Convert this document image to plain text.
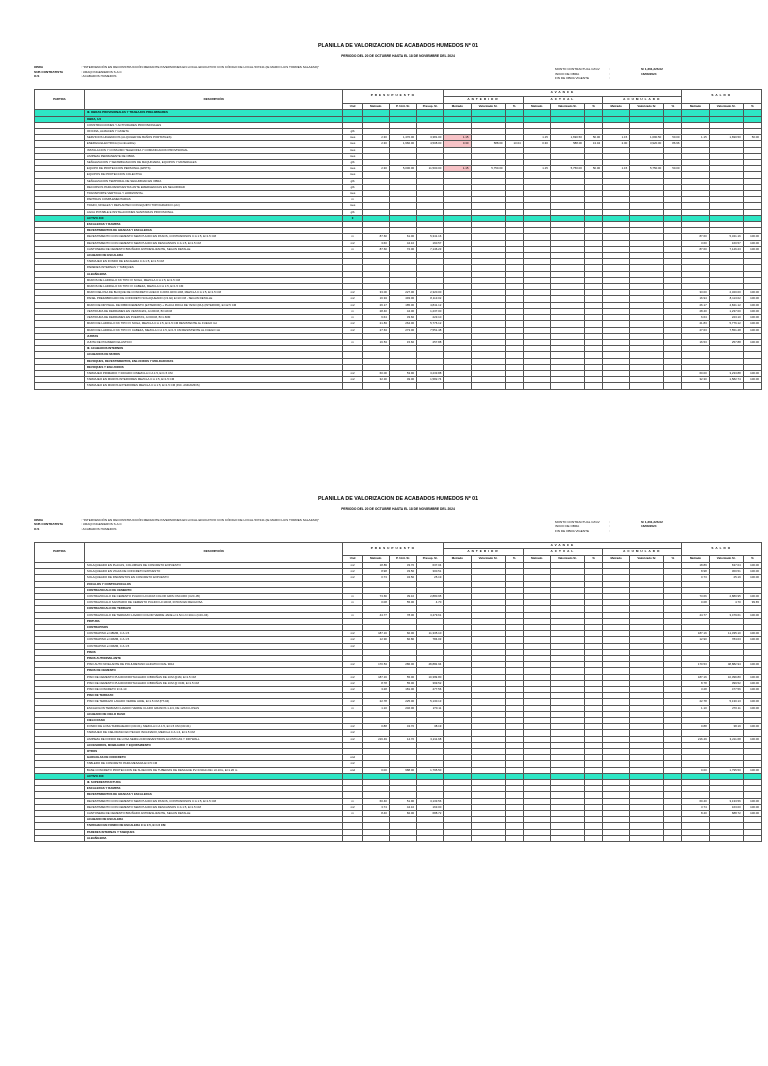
PLANILLA DE VALORIZACION DE ACABADOS HUMEDOS Nº 01
PERIODO DEL 20 DE OCTUBRE HASTA EL 18 DE NOVIEMBRE DEL 2024
OBRA	: "INTERVENCIÓN EN RECONSTRUCCIÓN MEDIANTE INVERSIONES EN LOCAL EDUCATIVO CON CÓDIGO DE LOCAL 537241 (IE MARIO LUIS TORRES SALAZAR)"
SUB CONTRATISTA	: URAQI INGENIEROS S.A.C
O.S	: ACABADOS HUMEDOS
MONTO CONTRACTUAL C/IGV	:	S/ 1,361,226.02
INICIO DE OBRA	:	16/08/2024
FIN DE OBRA VIGENTE	:
PARTIDA	DESCRIPCIÓN	PRESUPUESTO				AVANCE									SALDO		
						ANTERIOR			ACTUAL			ACUMULADO					
		Und	Metrado	P. Unit. S/.	Presup. S/.	Metrado	Valorizado S/.	%	Metrado	Valorizado S/.	%	Metrado	Valorizado S/.	%	Metrado	Valorizado S/.	%
	III. OBRAS PROVISIONALES Y TRABAJOS PRELIMINARES																
	OBRA, 1/4																
	CONSTRUCCIONES Y ACTIVIDADES PROVISIONALES																
	OFICINA, ALMACEN Y CASETA	glb															
	SERVICIOS HIGIENICOS (ALQUILER DE BAÑOS PORTATILES)	mes	2.30	1,470.00	3,381.00	1.15			1.15	1,690.50	50.00	1.15	1,690.50	50.00	1.15	1,690.50	50.00
	ENERGIA ELECTRICA (Combustible)	mes	2.30	1,960.00	4,508.00	0.30	588.00	13.04	0.30	588.00	13.04	2.00	3,920.00	86.96			
	INSTALACION Y CONSUMO TELEFONIA Y COMUNICACION PROVISIONAL	mes															
	LIMPIEZA PERMANENTE DE OBRA	mes															
	SEÑALIZACION Y SENSIBILIZACION DE MAQUINARIA, EQUIPOS Y MATERIALES	glb															
	EQUIPO DE PROTECCION PERSONAL (EPP'S)	mes	2.30	5,000.00	11,500.00	1.15	5,750.00		1.15	5,750.00	50.00	1.15	5,750.00	50.00			
	EQUIPOS DE PROTECCION COLECTIVA	mes															
	SEÑALIZACION TEMPORAL DE SEGURIDAD EN OBRA	glb															
	RECURSOS PARA RESPUESTAS ANTE EMERGENCIAS EN SEGURIDAD	glb															
	TRANSPORTE VERTICAL Y HORIZONTAL	mes															
	PARTIDAS COMPLEMENTARIAS	m															
	TRAZO, NIVELES Y REPLANTEO CON EQUIPO TOPOGRAFICO (obr)	mes															
	AGUA POTABLE E INSTALACIONES SANITARIAS PROVISIONAL	glb															
	ACTIVO 400	0															
	ESCALERAS Y RAMPAS																
	REVESTIMIENTOS DE GRADAS Y ESCALERAS																
	REVESTIMIENTO CON CEMENTO SEMI PULIDO EN PASOS, CONTRAPASOS C:A 1:5, E=1.5 CM	m	87.60	61.00	5,341.16										87.60	5,341.16	100.00
	REVESTIMIENTO CON CEMENTO SEMI PULIDO EN DESCANSOS C:A 1:5, E=1.5 CM	m2	3.60	44.10	160.57										3.60	160.57	100.00
	CANTONERA DE CEMENTO BRUÑADO ANTIDESLIZANTE, SEGUN DETALLE	m	87.60	72.00	7,146.23										87.60	7,146.23	100.00
	ACABADO DE ESCALERA																
	TARRAJEO EN FONDO DE ESCALERA C:A 1:5, E=1.5 CM																
	PAREDES INTERNAS Y TABIQUES																
	ALBAÑILERIA																
	MUROS DE LADRILLO KK TIPO IV SOGA, MEZCLA C:A 1:5, E=1.5 CM																
	MUROS DE LADRILLO KK TIPO IV CABEZA, MEZCLA C:A 1:5, E=1.5 CM																
	MURO DELOSA DE BLOQUE DE CONCRETO HUECO 0.20X0.40X0.10M, MEZCLA C:A 1:5, E=1.5 CM	m2	33.00	227.00	2,320.00										33.00	2,320.00	100.00
	PANEL PREFABRICADO DE CONCRETO SOLAQUEADO (C3 Alt) E=10 CM - SEGUN DETALLE	m2	16.94	493.00	8,113.02										16.94	8,113.02	100.00
	MURO DE DRYWALL DE FIBROCEMENTO (EXTERIOR) + PLACA ROCA DE YESO (RH) (INTERIOR), E=12.5 CM	m2	26.17	185.00	4,841.12										26.17	4,841.12	100.00
	VESTIDURA DE DERRAMES EN VENTANAS, A=20CM, B=13CM	m	28.40	44.00	1,237.00										28.40	1,237.00	100.00
	VESTIDURA DE DERRAMES EN PUERTAS, A=60CM, B=1.60M	m	6.64	33.60	223.10										6.64	223.10	100.00
	MURO DE LADRILLO KK TIPO IV SOGA, MEZCLA C:A 1:5, E=1.5 CM RESISTENTE AL FUEGO 1H	m2	21.83	264.00	5,776.12										21.83	5,776.12	100.00
	MURO DE LADRILLO KK TIPO IV CABEZA, MEZCLA C:A 1:5, E=1.5 CM RESISTENTE AL FUEGO 1H	m2	27.63	273.00	7,551.48										27.63	7,551.48	100.00
	JUNTAS																
	JUNTA DE POLIMERO ELASTICO	m	16.53	15.60	257.88										16.53	257.88	100.00
	III. ACABADOS INTERNOS																
	ACABADOS DE MUROS																
	REVOQUES, REVESTIMIENTOS, ENLUCIDOS Y MOLDADURAS																
	REVOQUES Y ENLUCIDOS																
	TARRAJEO PRIMARIO Y RAYADO C/MEZCLA C:A 1:5, E=1.5 CM	m2	60.00	53.90	3,233.88										60.00	3,233.88	100.00
	TARRAJEO EN MUROS INTERIORES MEZCLA C:A 1:5, E=1.5 CM	m2	32.30	49.00	1,582.74										32.30	1,582.74	100.00
	TARRAJEO EN MUROS EXTERIORES MEZCLA C:A 1:5, E=1.5 CM (INC. ANDAMIOS)																
PLANILLA DE VALORIZACION DE ACABADOS HUMEDOS Nº 01
PERIODO DEL 20 DE OCTUBRE HASTA EL 18 DE NOVIEMBRE DEL 2024
OBRA	: "INTERVENCIÓN EN RECONSTRUCCIÓN MEDIANTE INVERSIONES EN LOCAL EDUCATIVO CON CÓDIGO DE LOCAL 537241 (IE MARIO LUIS TORRES SALAZAR)"
SUB CONTRATISTA	: URAQI INGENIEROS S.A.C
O.S	: ACABADOS HUMEDOS
MONTO CONTRACTUAL C/IGV	:	S/ 1,361,226.02
INICIO DE OBRA	:	16/08/2024
FIN DE OBRA VIGENTE	:
PARTIDA	DESCRIPCIÓN	PRESUPUESTO				AVANCE									SALDO		
						ANTERIOR			ACTUAL			ACUMULADO					
		Und	Metrado	P. Unit. S/.	Presup. S/.	Metrado	Valorizado S/.	%	Metrado	Valorizado S/.	%	Metrado	Valorizado S/.	%	Metrado	Valorizado S/.	%
	SOLAQUEADO EN PLACAS, COLUMNAS DE CONCRETO EXPUESTO	m2	18.89	33.70	637.04										18.89	637.04	100.00
	SOLAQUEADO EN VIGAS DE CONCRETO EXPUESTO	m2	8.98	33.50	300.51										8.98	300.51	100.00
	SOLAQUEADO DE PARAPETOS EN CONCRETO EXPUESTO	m2	0.73	34.50	25.19										0.73	25.19	100.00
	ZOCALOS Y CONTRAZOCALOS																
	CONTRAZOCALO DE CEMENTO																
	CONTRAZOCALO DE CEMENTO PULIDO H=10CM COLOR GRIS OSCURO (C2C-05)	m	73.66	39.10	2,880.95										73.66	2,880.95	100.00
	CONTRAZOCALO SANITARIO DE CEMENTO PULIDO H=10CM, R=5CM EN RECHOSA	m	0.08	55.00	4.70										0.08	4.70	99.65
	CONTRAZOCALO DE TERRAZO																
	CONTRAZOCALO DE TERRAZO LAVADO COLOR VERDE JADE e=1.5cm h=10cm (C2C-04)	m	44.77	78.00	3,479.61										44.77	3,479.61	100.00
	PINTURA																
	CONTRAPISOS																
	CONTRAPISO e=48MM, C:A 1:5	m2	187.16	60.00	11,335.10										187.16	11,335.10	100.00
	CONTRAPISO e=40MM, C:A 1:5	m2	12.90	60.80	784.03										12.90	784.03	100.00
	CONTRAPISO e=30MM, C:A 1:5	m2															
	PISOS																
	PISOS AUTONIVELANTE																
	PISO AUTO NIVELANTE DE POLIURETANO ALIFATICO RAL 9012	m2	170.53	286.00	48,882.94										170.53	48,882.94	100.00
	PISOS DE CEMENTO																
	PISO DE CEMENTO PULIDO/FROTACHADO C/BRUÑAS DE 1CM @1M, E=1.5 CM	m2	187.16	55.00	10,399.80										187.16	10,399.80	100.00
	PISO DE CEMENTO PULIDO/FROTACHADO C/BRUÑAS DE 1CM @ 0CM, E=1.5 CM	m2	8.78	55.00	399.52										8.78	399.52	100.00
	PISO DE CONCRETO fc=4-10	m2	3.28	181.00	477.56										3.28	477.56	100.00
	PISO DE TERRAZO																
	PISO DE TERRAZO LAVADO VERDE JADE, E=1.5 CM (PT-04)	m2	22.78	225.00	5,130.13										22.78	5,130.13	100.00
	ESCALFILON TERRAZO LAVADO VERDE CLARO GRANOS 1-1/4, DE 12X24 LOSAS	m	1.10	246.00	270.11										1.10	270.11	100.00
	ACABADO DE CIELO RASO																
	CIELO RASO																
	FONDO DE LOSA TARRAJEADO (CR-01), MEZCLA C:A 1:5, E=1.5 CM (CR-01)	m2	0.88	43.70	38.19										0.88	38.19	100.00
	TARRAJEO DE CIELORASO EN TECHO INCLINADO, MEZCLA C:A 1:4, E=1.5 CM	m2															
	LIMPIEZA DE FONDO DE LOSA SEMILUCIR REVESTIDOS ACUSTICAS Y DRYWALL	m2	216.49	14.70	3,211.68										216.49	3,211.68	100.00
	ACCESORIOS, MOBILIARIO Y EQUIPAMIENTO																
	OTROS																
	GARGOLAS DE CONCRETO	und															
	TABLERO DE CONCRETO PARA MESADA E=3.5 CM	m2															
	BASE CONCRETO PROTECCION DE SUJECION DE TUBERIAS DE DESAGUE Pv=0.90x0.20m x0.10m, E=1.20 m	und	0.00	988.00	1,795.50										0.00	1,795.50	100.00
	ACTIVO 400																
	III. SUPERESTRUCTURA																
	ESCALERAS Y RAMPAS																
	REVESTIMIENTOS DE GRADAS Y ESCALERAS																
	REVESTIMIENTO CON CEMENTO SEMI PULIDO EN PASOS, CONTRAPASOS C:A 1:5, E=1.5 CM	m	60.40	51.90	3,133.56										60.40	3,133.56	100.00
	REVESTIMIENTO CON CEMENTO SEMI PULIDO EN DESCANSOS C:A 1:5, E=1.5 CM	m2	3.74	44.10	163.00										3.74	163.00	100.00
	CANTONERA DE CEMENTO BRUÑADO ANTIDESLIZANTE, SEGUN DETALLE	m	8.40	82.00	688.72										8.40	688.72	100.00
	ACABADO DE ESCALERA																
	TARRAJEO EN FONDO DE ESCALERA C:A 1:5, E=1.5 CM																
	PAREDES INTERNAS Y TABIQUES																
	ALBAÑILERIA																
